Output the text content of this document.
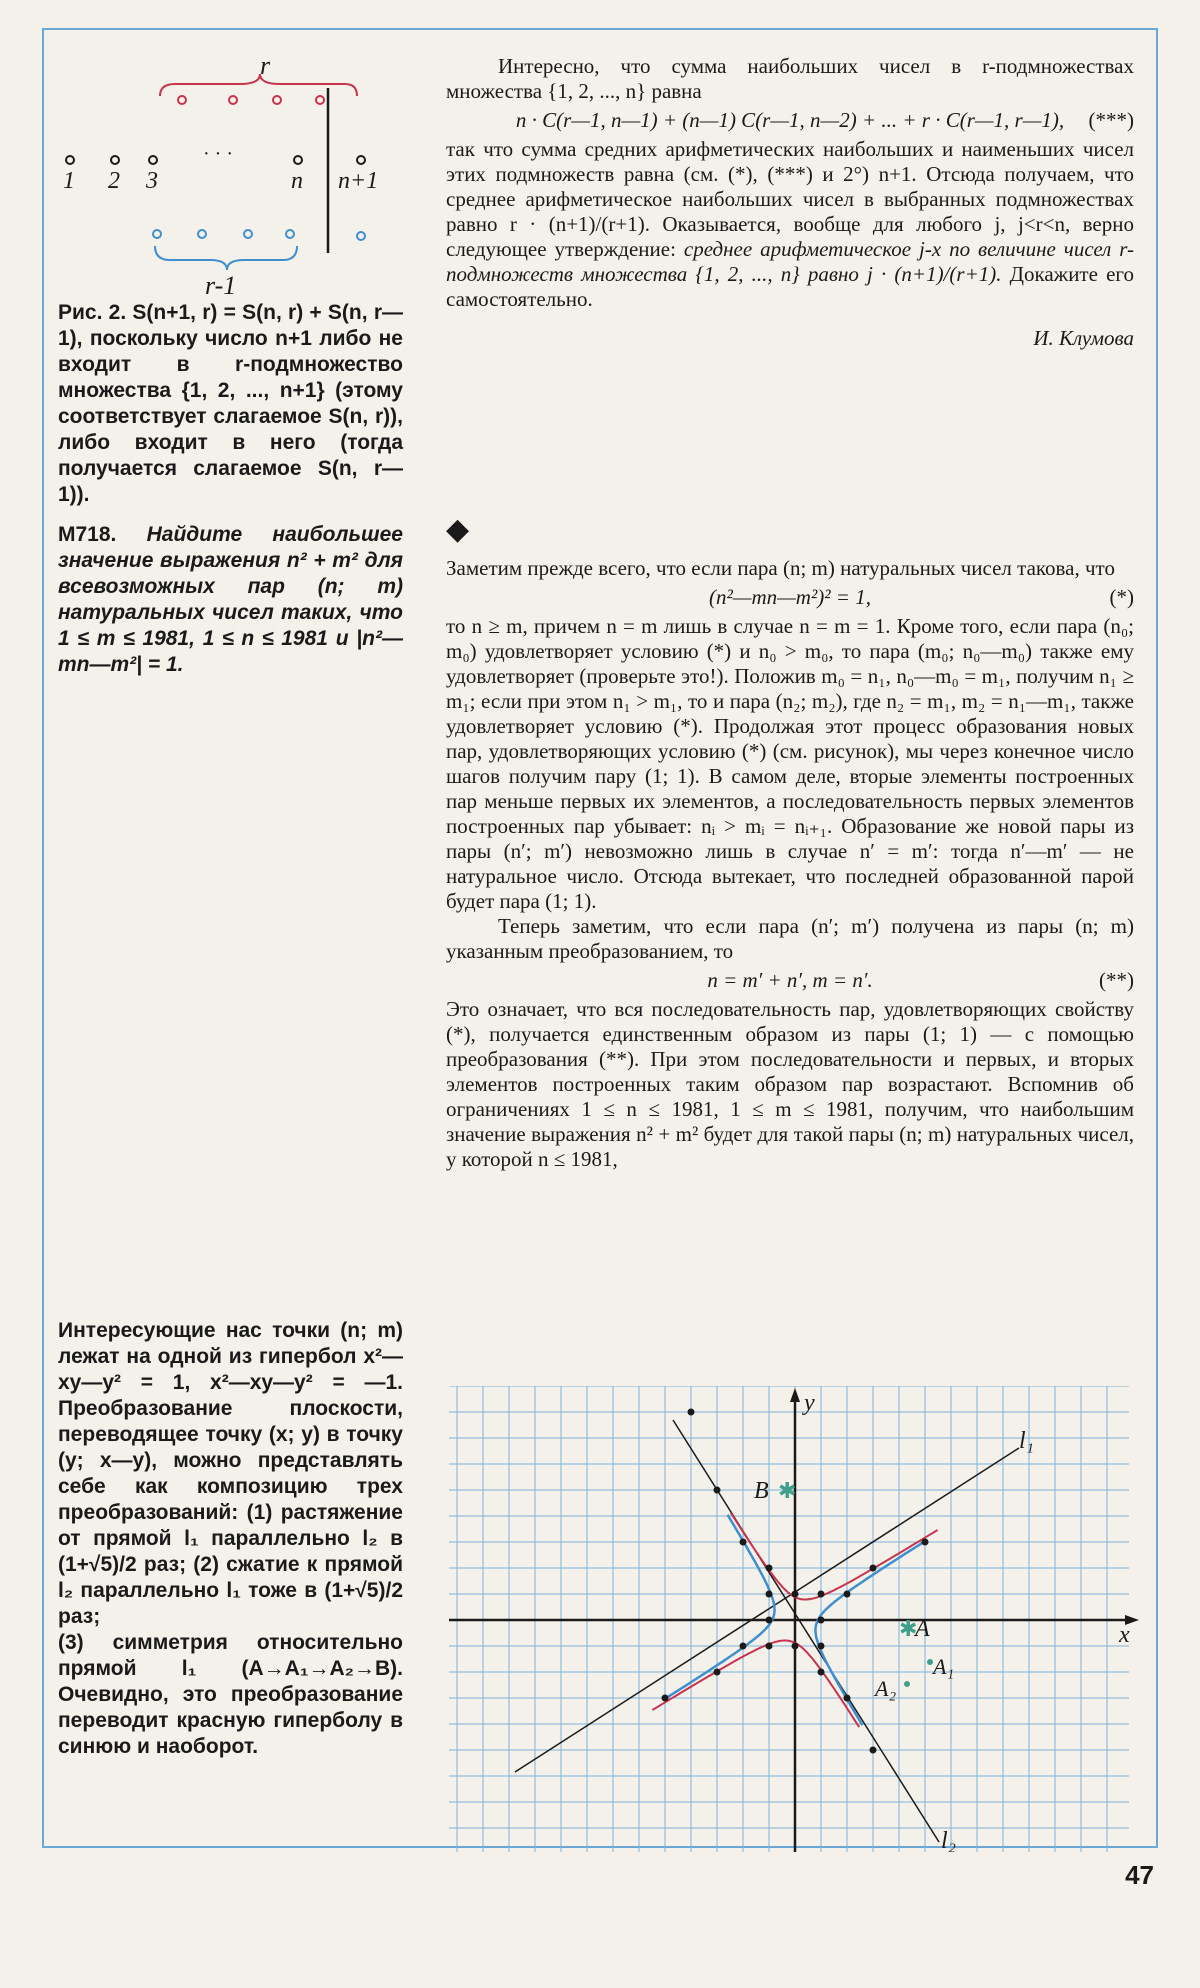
r
· · ·
1 2 3	n n+1
r-1

Рис. 2. S(n+1, r) = S(n, r) + S(n, r—1), поскольку число n+1 либо не входит в r-подмножество множества {1, 2, ..., n+1} (этому соответствует слагаемое S(n, r)), либо входит в него (тогда получается слагаемое S(n, r—1)).

M718. Найдите наибольшее значение выражения n² + m² для всевозможных пар (n; m) натуральных чисел таких, что 1 ≤ m ≤ 1981, 1 ≤ n ≤ 1981 и |n²—mn—m²| = 1.

Интересующие нас точки (n; m) лежат на одной из гипербол x²—xy—y² = 1, x²—xy—y² = —1. Преобразование плоскости, переводящее точку (x; y) в точку (y; x—y), можно представлять себе как композицию трех преобразований: (1) растяжение от прямой l₁ параллельно l₂ в (1+√5)/2 раз; (2) сжатие к прямой l₂ параллельно l₁ тоже в (1+√5)/2 раз;

(3) симметрия относительно прямой l₁ (A→A₁→A₂→B). Очевидно, это преобразование переводит красную гиперболу в синюю и наоборот.

Интересно, что сумма наибольших чисел в r-подмножествах множества {1, 2, ..., n} равна

n · C(r—1, n—1) + (n—1) C(r—1, n—2) + ... + r · C(r—1, r—1), (***)

так что сумма средних арифметических наибольших и наименьших чисел этих подмножеств равна (см. (*), (***) и 2°) n+1. Отсюда получаем, что среднее арифметическое наибольших чисел в выбранных подмножествах равно r · (n+1)/(r+1). Оказывается, вообще для любого j, j<r<n, верно следующее утверждение: среднее арифметическое j-х по величине чисел r-подмножеств множества {1, 2, ..., n} равно j · (n+1)/(r+1). Докажите его самостоятельно.

И. Клумова
◆

Заметим прежде всего, что если пара (n; m) натуральных чисел такова, что

(n²—mn—m²)² = 1,	(*)

то n ≥ m, причем n = m лишь в случае n = m = 1. Кроме того, если пара (n₀; m₀) удовлетворяет условию (*) и n₀ > m₀, то пара (m₀; n₀—m₀) также ему удовлетворяет (проверьте это!). Положив m₀ = n₁, n₀—m₀ = m₁, получим n₁ ≥ m₁; если при этом n₁ > m₁, то и пара (n₂; m₂), где n₂ = m₁, m₂ = n₁—m₁, также удовлетворяет условию (*). Продолжая этот процесс образования новых пар, удовлетворяющих условию (*) (см. рисунок), мы через конечное число шагов получим пару (1; 1). В самом деле, вторые элементы построенных пар меньше первых их элементов, а последовательность первых элементов построенных пар убывает: nᵢ > mᵢ = nᵢ₊₁. Образование же новой пары из пары (n′; m′) невозможно лишь в случае n′ = m′: тогда n′—m′ — не натуральное число. Отсюда вытекает, что последней образованной парой будет пара (1; 1).

Теперь заметим, что если пара (n′; m′) получена из пары (n; m) указанным преобразованием, то

n = m′ + n′, m = n′.	(**)

Это означает, что вся последовательность пар, удовлетворяющих свойству (*), получается единственным образом из пары (1; 1) — с помощью преобразования (**). При этом последовательности и первых, и вторых элементов построенных таким образом пар возрастают. Вспомнив об ограничениях 1 ≤ n ≤ 1981, 1 ≤ m ≤ 1981, получим, что наибольшим значение выражения n² + m² будет для такой пары (n; m) натуральных чисел, у которой n ≤ 1981,

x
y
l₁
l₂
B ✱
✱
A
A₁
A₂
47
